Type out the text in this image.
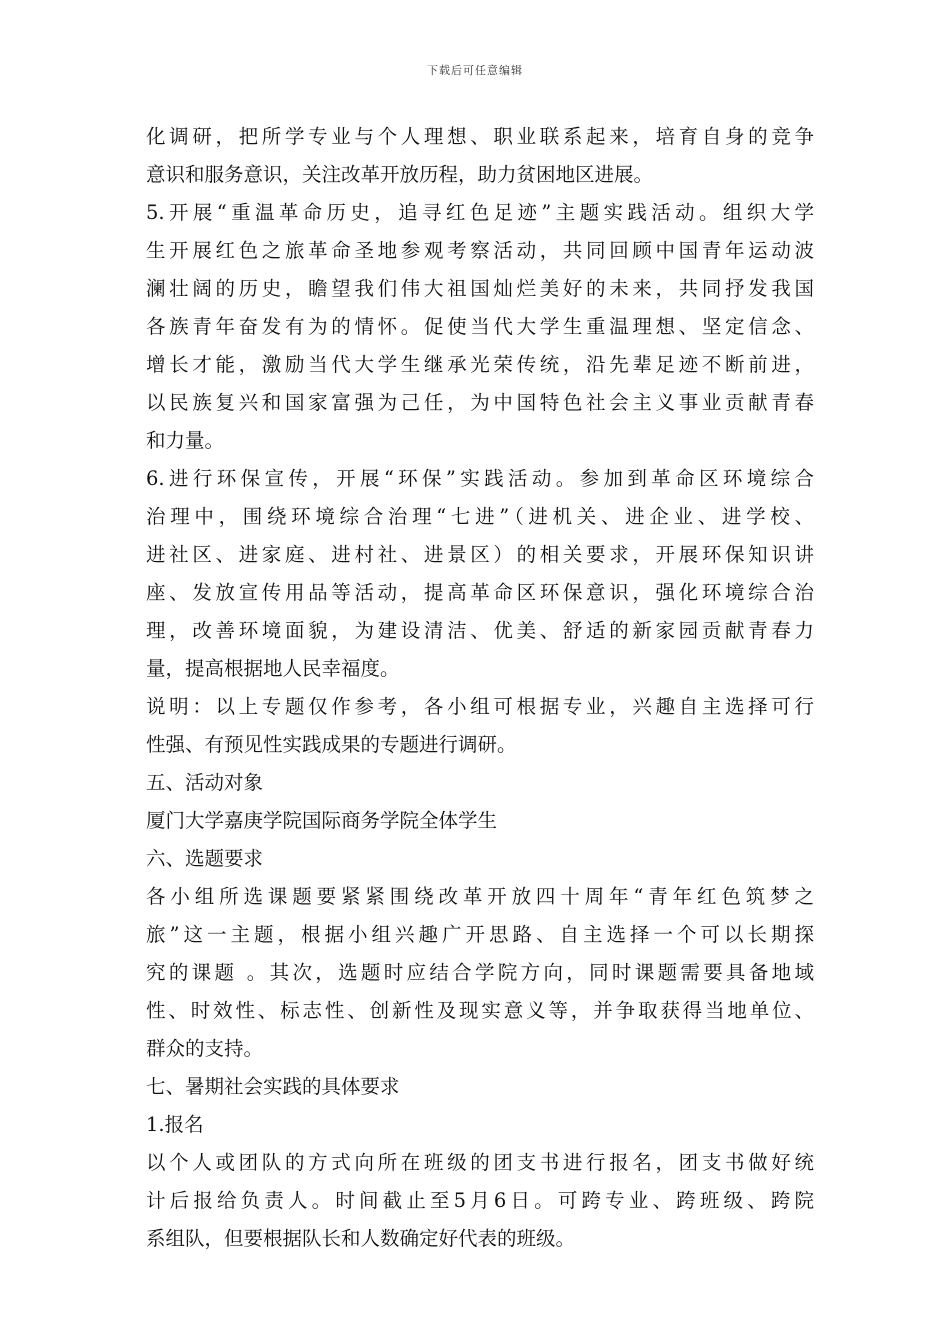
下载后可任意编辑
化调研，把所学专业与个人理想、职业联系起来，培育自身的竞争
意识和服务意识，关注改革开放历程，助力贫困地区进展。
5.开展“重温革命历史，追寻红色足迹”主题实践活动。组织大学
生开展红色之旅革命圣地参观考察活动，共同回顾中国青年运动波
澜壮阔的历史，瞻望我们伟大祖国灿烂美好的未来，共同抒发我国
各族青年奋发有为的情怀。促使当代大学生重温理想、坚定信念、
增长才能，激励当代大学生继承光荣传统，沿先辈足迹不断前进，
以民族复兴和国家富强为己任，为中国特色社会主义事业贡献青春
和力量。
6.进行环保宣传，开展“环保”实践活动。参加到革命区环境综合
治理中，围绕环境综合治理“七进”（进机关、进企业、进学校、
进社区、进家庭、进村社、进景区）的相关要求，开展环保知识讲
座、发放宣传用品等活动，提高革命区环保意识，强化环境综合治
理，改善环境面貌，为建设清洁、优美、舒适的新家园贡献青春力
量，提高根据地人民幸福度。
说明：以上专题仅作参考，各小组可根据专业，兴趣自主选择可行
性强、有预见性实践成果的专题进行调研。
五、活动对象
厦门大学嘉庚学院国际商务学院全体学生
六、选题要求
各小组所选课题要紧紧围绕改革开放四十周年“青年红色筑梦之
旅”这一主题，根据小组兴趣广开思路、自主选择一个可以长期探
究的课题 。其次，选题时应结合学院方向，同时课题需要具备地域
性、时效性、标志性、创新性及现实意义等，并争取获得当地单位、
群众的支持。
七、暑期社会实践的具体要求
1.报名
以个人或团队的方式向所在班级的团支书进行报名，团支书做好统
计后报给负责人。时间截止至5月6日。可跨专业、跨班级、跨院
系组队，但要根据队长和人数确定好代表的班级。
